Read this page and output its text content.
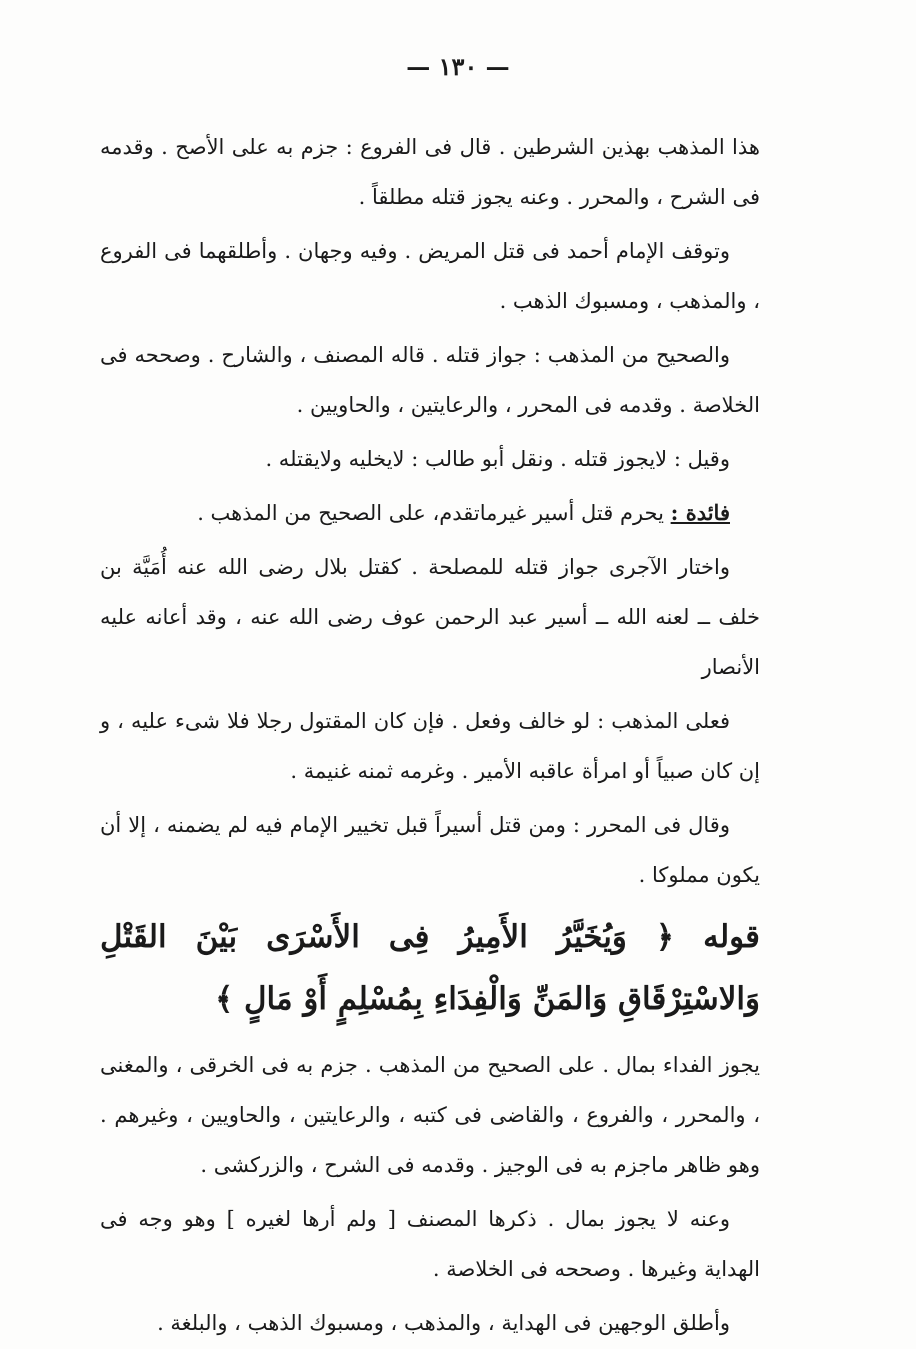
— ١٣٠ —

هذا المذهب بهذين الشرطين . قال فى الفروع : جزم به على الأصح . وقدمه فى الشرح ، والمحرر . وعنه يجوز قتله مطلقاً .

وتوقف الإمام أحمد فى قتل المريض . وفيه وجهان . وأطلقهما فى الفروع ، والمذهب ، ومسبوك الذهب .

والصحيح من المذهب : جواز قتله . قاله المصنف ، والشارح . وصححه فى الخلاصة . وقدمه فى المحرر ، والرعايتين ، والحاويين .

وقيل : لايجوز قتله . ونقل أبو طالب : لايخليه ولايقتله .

فائدة : يحرم قتل أسير غيرماتقدم، على الصحيح من المذهب .

واختار الآجرى جواز قتله للمصلحة . كقتل بلال رضى الله عنه أُمَيَّة بن خلف ــ لعنه الله ــ أسير عبد الرحمن عوف رضى الله عنه ، وقد أعانه عليه الأنصار

فعلى المذهب : لو خالف وفعل . فإن كان المقتول رجلا فلا شىء عليه ، و إن كان صبياً أو امرأة عاقبه الأمير . وغرمه ثمنه غنيمة .

وقال فى المحرر : ومن قتل أسيراً قبل تخيير الإمام فيه لم يضمنه ، إلا أن يكون مملوكا .

قوله ﴿ وَيُخَيَّرُ الأَمِيرُ فِى الأَسْرَى بَيْنَ القَتْلِ وَالاسْتِرْقَاقِ وَالمَنِّ وَالْفِدَاءِ بِمُسْلِمٍ أَوْ مَالٍ ﴾

يجوز الفداء بمال . على الصحيح من المذهب . جزم به فى الخرقى ، والمغنى ، والمحرر ، والفروع ، والقاضى فى كتبه ، والرعايتين ، والحاويين ، وغيرهم . وهو ظاهر ماجزم به فى الوجيز . وقدمه فى الشرح ، والزركشى .

وعنه لا يجوز بمال . ذكرها المصنف [ ولم أرها لغيره ] وهو وجه فى الهداية وغيرها . وصححه فى الخلاصة .

وأطلق الوجهين فى الهداية ، والمذهب ، ومسبوك الذهب ، والبلغة .
